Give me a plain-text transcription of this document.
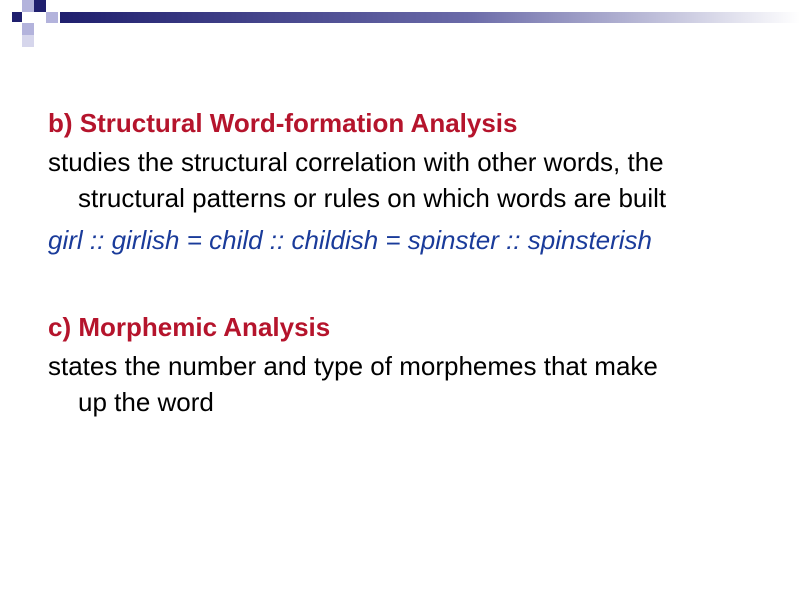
b) Structural Word-formation Analysis

studies the structural correlation with other words, the
structural patterns or rules on which words are built

girl :: girlish = child :: childish = spinster :: spinsterish

c) Morphemic Analysis

states the number and type of morphemes that make
up the word
